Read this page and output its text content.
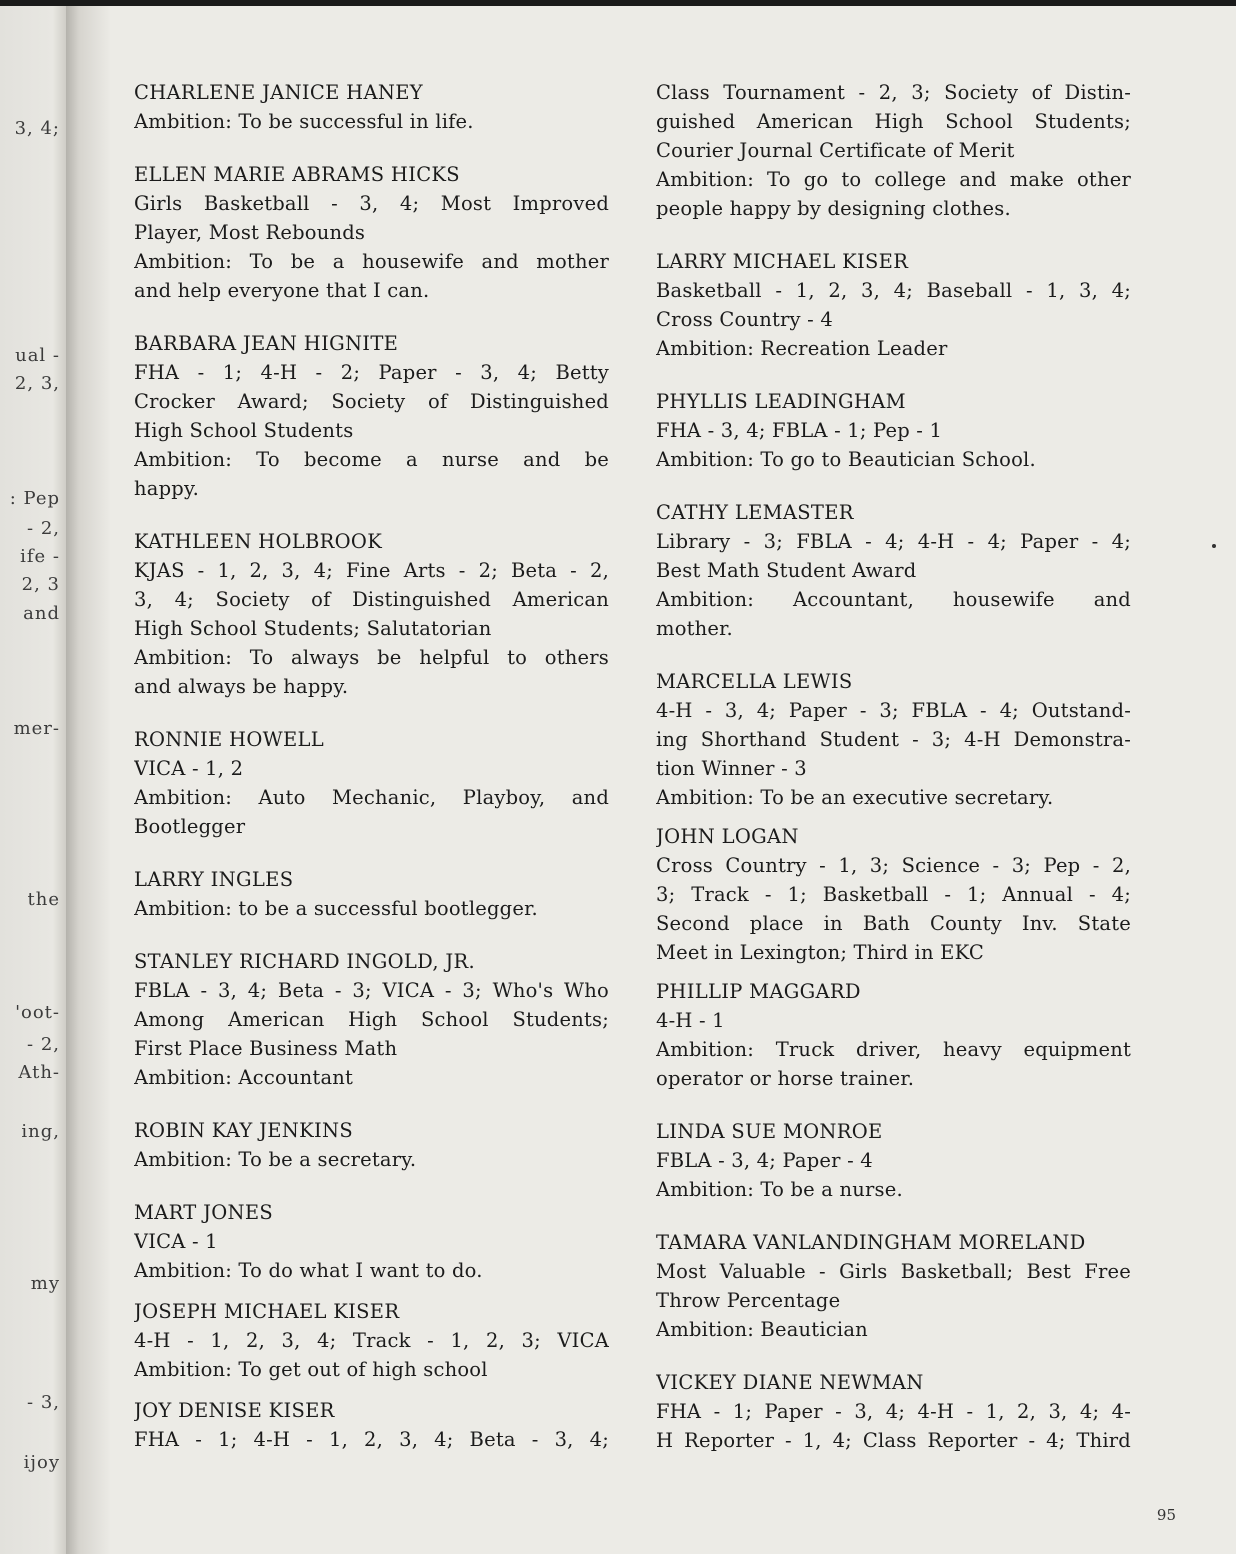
3, 4;
ual -
2, 3,
: Pep
- 2,
ife -
2, 3
and
mer-
the
'oot-
- 2,
Ath-
ing,
my
- 3,
ijoy
CHARLENE JANICE HANEY
Ambition: To be successful in life.
ELLEN MARIE ABRAMS HICKS
Girls Basketball - 3, 4; Most Improved
Player, Most Rebounds
Ambition: To be a housewife and mother
and help everyone that I can.
BARBARA JEAN HIGNITE
FHA - 1; 4-H - 2; Paper - 3, 4; Betty
Crocker Award; Society of Distinguished
High School Students
Ambition: To become a nurse and be
happy.
KATHLEEN HOLBROOK
KJAS - 1, 2, 3, 4; Fine Arts - 2; Beta - 2,
3, 4; Society of Distinguished American
High School Students; Salutatorian
Ambition: To always be helpful to others
and always be happy.
RONNIE HOWELL
VICA - 1, 2
Ambition: Auto Mechanic, Playboy, and
Bootlegger
LARRY INGLES
Ambition: to be a successful bootlegger.
STANLEY RICHARD INGOLD, JR.
FBLA - 3, 4; Beta - 3; VICA - 3; Who's Who
Among American High School Students;
First Place Business Math
Ambition: Accountant
ROBIN KAY JENKINS
Ambition: To be a secretary.
MART JONES
VICA - 1
Ambition: To do what I want to do.
JOSEPH MICHAEL KISER
4-H - 1, 2, 3, 4; Track - 1, 2, 3; VICA
Ambition: To get out of high school
JOY DENISE KISER
FHA - 1; 4-H - 1, 2, 3, 4; Beta - 3, 4;
Class Tournament - 2, 3; Society of Distin-
guished American High School Students;
Courier Journal Certificate of Merit
Ambition: To go to college and make other
people happy by designing clothes.
LARRY MICHAEL KISER
Basketball - 1, 2, 3, 4; Baseball - 1, 3, 4;
Cross Country - 4
Ambition: Recreation Leader
PHYLLIS LEADINGHAM
FHA - 3, 4; FBLA - 1; Pep - 1
Ambition: To go to Beautician School.
CATHY LEMASTER
Library - 3; FBLA - 4; 4-H - 4; Paper - 4;
Best Math Student Award
Ambition: Accountant, housewife and
mother.
MARCELLA LEWIS
4-H - 3, 4; Paper - 3; FBLA - 4; Outstand-
ing Shorthand Student - 3; 4-H Demonstra-
tion Winner - 3
Ambition: To be an executive secretary.
JOHN LOGAN
Cross Country - 1, 3; Science - 3; Pep - 2,
3; Track - 1; Basketball - 1; Annual - 4;
Second place in Bath County Inv. State
Meet in Lexington; Third in EKC
PHILLIP MAGGARD
4-H - 1
Ambition: Truck driver, heavy equipment
operator or horse trainer.
LINDA SUE MONROE
FBLA - 3, 4; Paper - 4
Ambition: To be a nurse.
TAMARA VANLANDINGHAM MORELAND
Most Valuable - Girls Basketball; Best Free
Throw Percentage
Ambition: Beautician
VICKEY DIANE NEWMAN
FHA - 1; Paper - 3, 4; 4-H - 1, 2, 3, 4; 4-
H Reporter - 1, 4; Class Reporter - 4; Third
95
